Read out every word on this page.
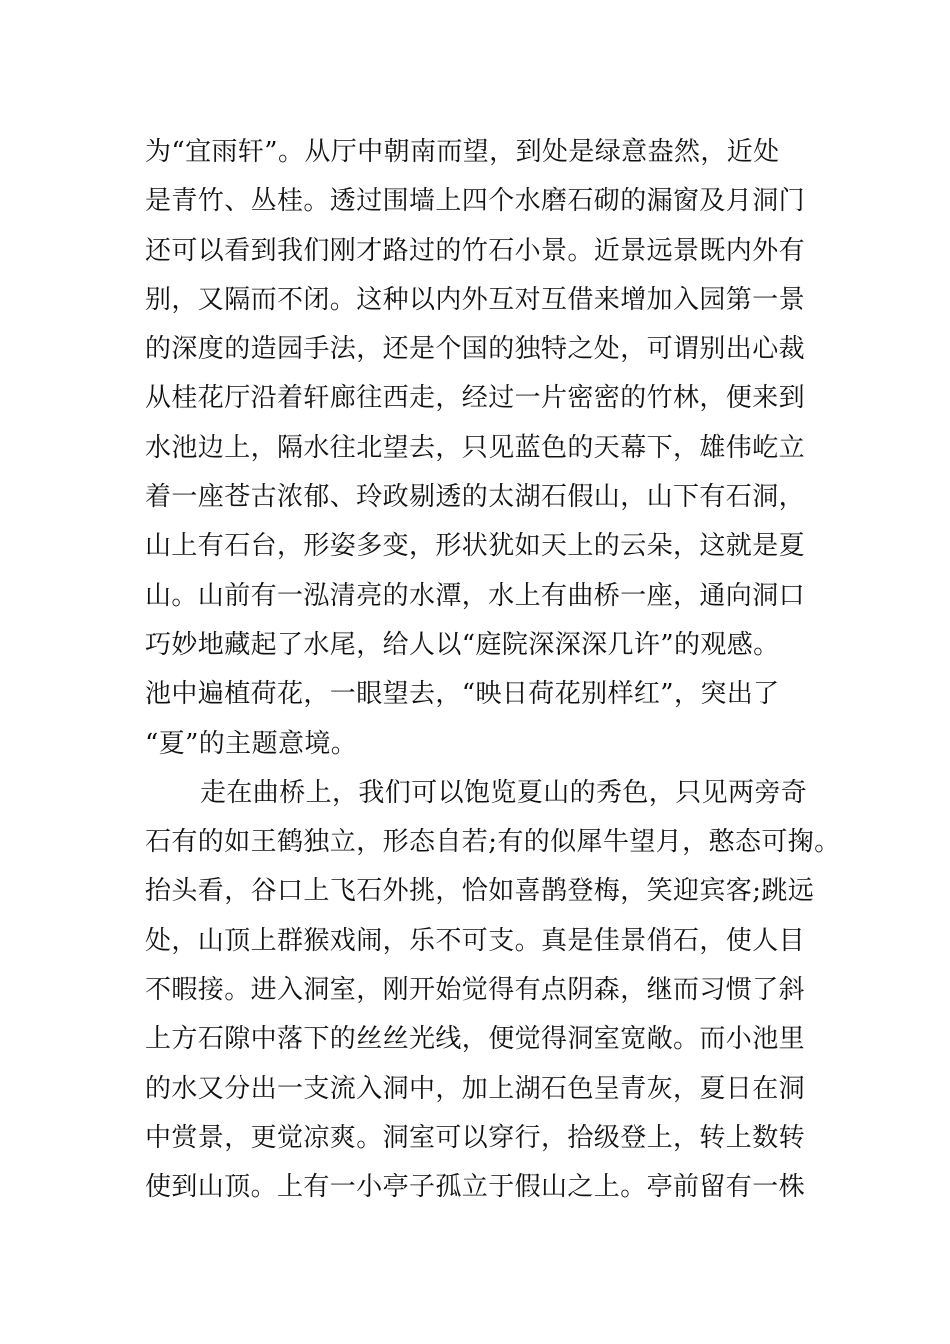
为“宜雨轩”。从厅中朝南而望，到处是绿意盎然，近处
是青竹、丛桂。透过围墙上四个水磨石砌的漏窗及月洞门
还可以看到我们刚才路过的竹石小景。近景远景既内外有
别，又隔而不闭。这种以内外互对互借来增加入园第一景
的深度的造园手法，还是个国的独特之处，可谓别出心裁
从桂花厅沿着轩廊往西走，经过一片密密的竹林，便来到
水池边上，隔水往北望去，只见蓝色的天幕下，雄伟屹立
着一座苍古浓郁、玲政剔透的太湖石假山，山下有石洞，
山上有石台，形姿多变，形状犹如天上的云朵，这就是夏
山。山前有一泓清亮的水潭，水上有曲桥一座，通向洞口
巧妙地藏起了水尾，给人以“庭院深深深几许”的观感。
池中遍植荷花，一眼望去，“映日荷花别样红”，突出了
“夏”的主题意境。
走在曲桥上，我们可以饱览夏山的秀色，只见两旁奇
石有的如王鹤独立，形态自若;有的似犀牛望月，憨态可掬。
抬头看，谷口上飞石外挑，恰如喜鹊登梅，笑迎宾客;跳远
处，山顶上群猴戏闹，乐不可支。真是佳景俏石，使人目
不暇接。进入洞室，刚开始觉得有点阴森，继而习惯了斜
上方石隙中落下的丝丝光线，便觉得洞室宽敞。而小池里
的水又分出一支流入洞中，加上湖石色呈青灰，夏日在洞
中赏景，更觉凉爽。洞室可以穿行，拾级登上，转上数转
使到山顶。上有一小亭子孤立于假山之上。亭前留有一株
